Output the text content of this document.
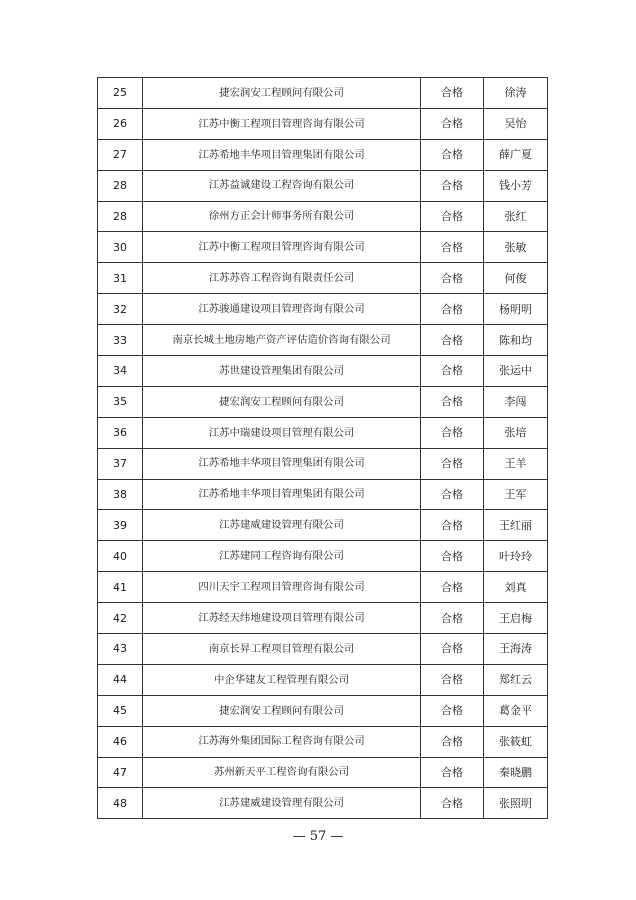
25	捷宏润安工程顾问有限公司	合格	徐涛
26	江苏中衡工程项目管理咨询有限公司	合格	吴怡
27	江苏希地丰华项目管理集团有限公司	合格	薛广夏
28	江苏益诚建设工程咨询有限公司	合格	钱小芳
28	徐州方正会计师事务所有限公司	合格	张红
30	江苏中衡工程项目管理咨询有限公司	合格	张敏
31	江苏苏咨工程咨询有限责任公司	合格	何俊
32	江苏骏通建设项目管理咨询有限公司	合格	杨明明
33	南京长城土地房地产资产评估造价咨询有限公司	合格	陈和均
34	苏世建设管理集团有限公司	合格	张运中
35	捷宏润安工程顾问有限公司	合格	李闯
36	江苏中瑞建设项目管理有限公司	合格	张培
37	江苏希地丰华项目管理集团有限公司	合格	王羊
38	江苏希地丰华项目管理集团有限公司	合格	王军
39	江苏建威建设管理有限公司	合格	王红丽
40	江苏建同工程咨询有限公司	合格	叶玲玲
41	四川天宇工程项目管理咨询有限公司	合格	刘真
42	江苏经天纬地建设项目管理有限公司	合格	王启梅
43	南京长昇工程项目管理有限公司	合格	王海涛
44	中企华建友工程管理有限公司	合格	郑红云
45	捷宏润安工程顾问有限公司	合格	葛金平
46	江苏海外集团国际工程咨询有限公司	合格	张筱虹
47	苏州新天平工程咨询有限公司	合格	秦晓鹏
48	江苏建威建设管理有限公司	合格	张照明
— 57 —
